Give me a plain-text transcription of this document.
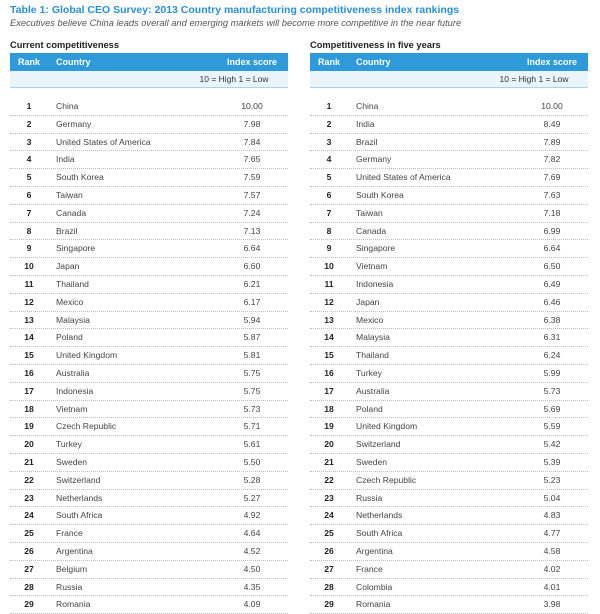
Table 1: Global CEO Survey: 2013 Country manufacturing competitiveness index rankings
Executives believe China leads overall and emerging markets will become more competitive in the near future
Current competitiveness
Rank	Country	Index score
10 = High 1 = Low
1	China	10.00
2	Germany	7.98
3	United States of America	7.84
4	India	7.65
5	South Korea	7.59
6	Taiwan	7.57
7	Canada	7.24
8	Brazil	7.13
9	Singapore	6.64
10	Japan	6.60
11	Thailand	6.21
12	Mexico	6.17
13	Malaysia	5.94
14	Poland	5.87
15	United Kingdom	5.81
16	Australia	5.75
17	Indonesia	5.75
18	Vietnam	5.73
19	Czech Republic	5.71
20	Turkey	5.61
21	Sweden	5.50
22	Switzerland	5.28
23	Netherlands	5.27
24	South Africa	4.92
25	France	4.64
26	Argentina	4.52
27	Belgium	4.50
28	Russia	4.35
29	Romania	4.09
Competitiveness in five years
Rank	Country	Index score
10 = High 1 = Low
1	China	10.00
2	India	8.49
3	Brazil	7.89
4	Germany	7.82
5	United States of America	7.69
6	South Korea	7.63
7	Taiwan	7.18
8	Canada	6.99
9	Singapore	6.64
10	Vietnam	6.50
11	Indonesia	6.49
12	Japan	6.46
13	Mexico	6.38
14	Malaysia	6.31
15	Thailand	6.24
16	Turkey	5.99
17	Australia	5.73
18	Poland	5.69
19	United Kingdom	5.59
20	Switzerland	5.42
21	Sweden	5.39
22	Czech Republic	5.23
23	Russia	5.04
24	Netherlands	4.83
25	South Africa	4.77
26	Argentina	4.58
27	France	4.02
28	Colombia	4.01
29	Romania	3.98
